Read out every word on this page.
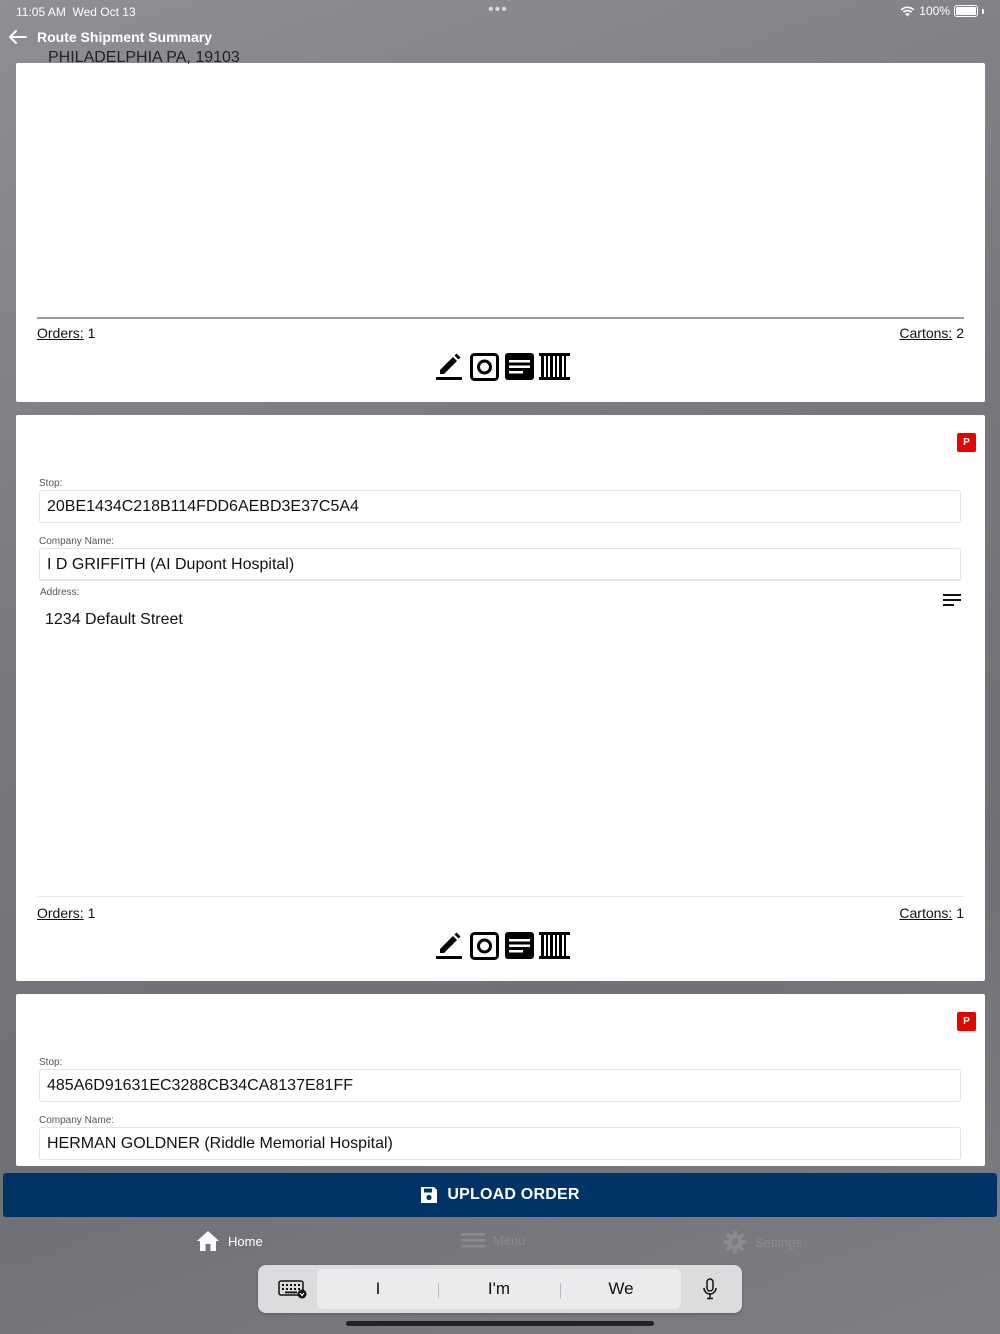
11:05 AM Wed Oct 13	•••	100%
Route Shipment Summary
PHILADELPHIA PA, 19103
Orders: 1	Cartons: 2
P
Stop:
20BE1434C218B114FDD6AEBD3E37C5A4
Company Name:
I D GRIFFITH (AI Dupont Hospital)
Address:
1234 Default Street
Orders: 1	Cartons: 1
P
Stop:
485A6D91631EC3288CB34CA8137E81FF
Company Name:
HERMAN GOLDNER (Riddle Memorial Hospital)
UPLOAD ORDER
Home	Menu	Settings
I	I'm	We
